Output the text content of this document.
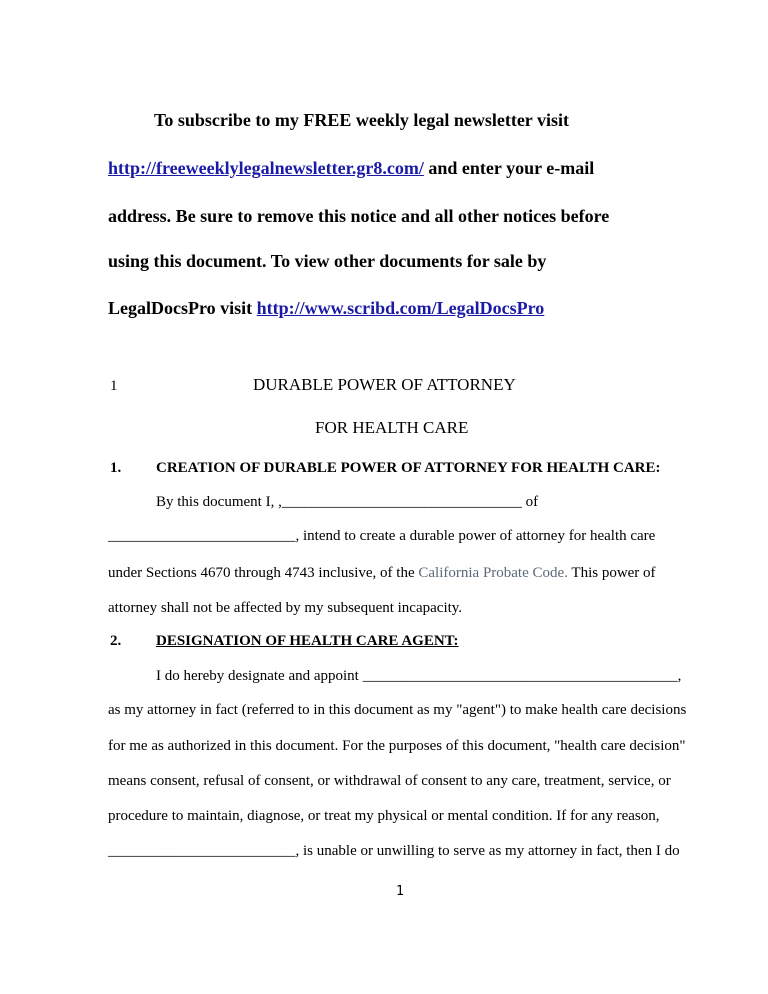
To subscribe to my FREE weekly legal newsletter visit
http://freeweeklylegalnewsletter.gr8.com/ and enter your e-mail
address. Be sure to remove this notice and all other notices before
using this document. To view other documents for sale by
LegalDocsPro visit http://www.scribd.com/LegalDocsPro
1	DURABLE POWER OF ATTORNEY
FOR HEALTH CARE
1. CREATION OF DURABLE POWER OF ATTORNEY FOR HEALTH CARE:
By this document I, ,________________________________ of
_________________________, intend to create a durable power of attorney for health care
under Sections 4670 through 4743 inclusive, of the California Probate Code. This power of
attorney shall not be affected by my subsequent incapacity.
2. DESIGNATION OF HEALTH CARE AGENT:
I do hereby designate and appoint __________________________________________,
as my attorney in fact (referred to in this document as my "agent") to make health care decisions
for me as authorized in this document. For the purposes of this document, "health care decision"
means consent, refusal of consent, or withdrawal of consent to any care, treatment, service, or
procedure to maintain, diagnose, or treat my physical or mental condition. If for any reason,
_________________________, is unable or unwilling to serve as my attorney in fact, then I do
1
